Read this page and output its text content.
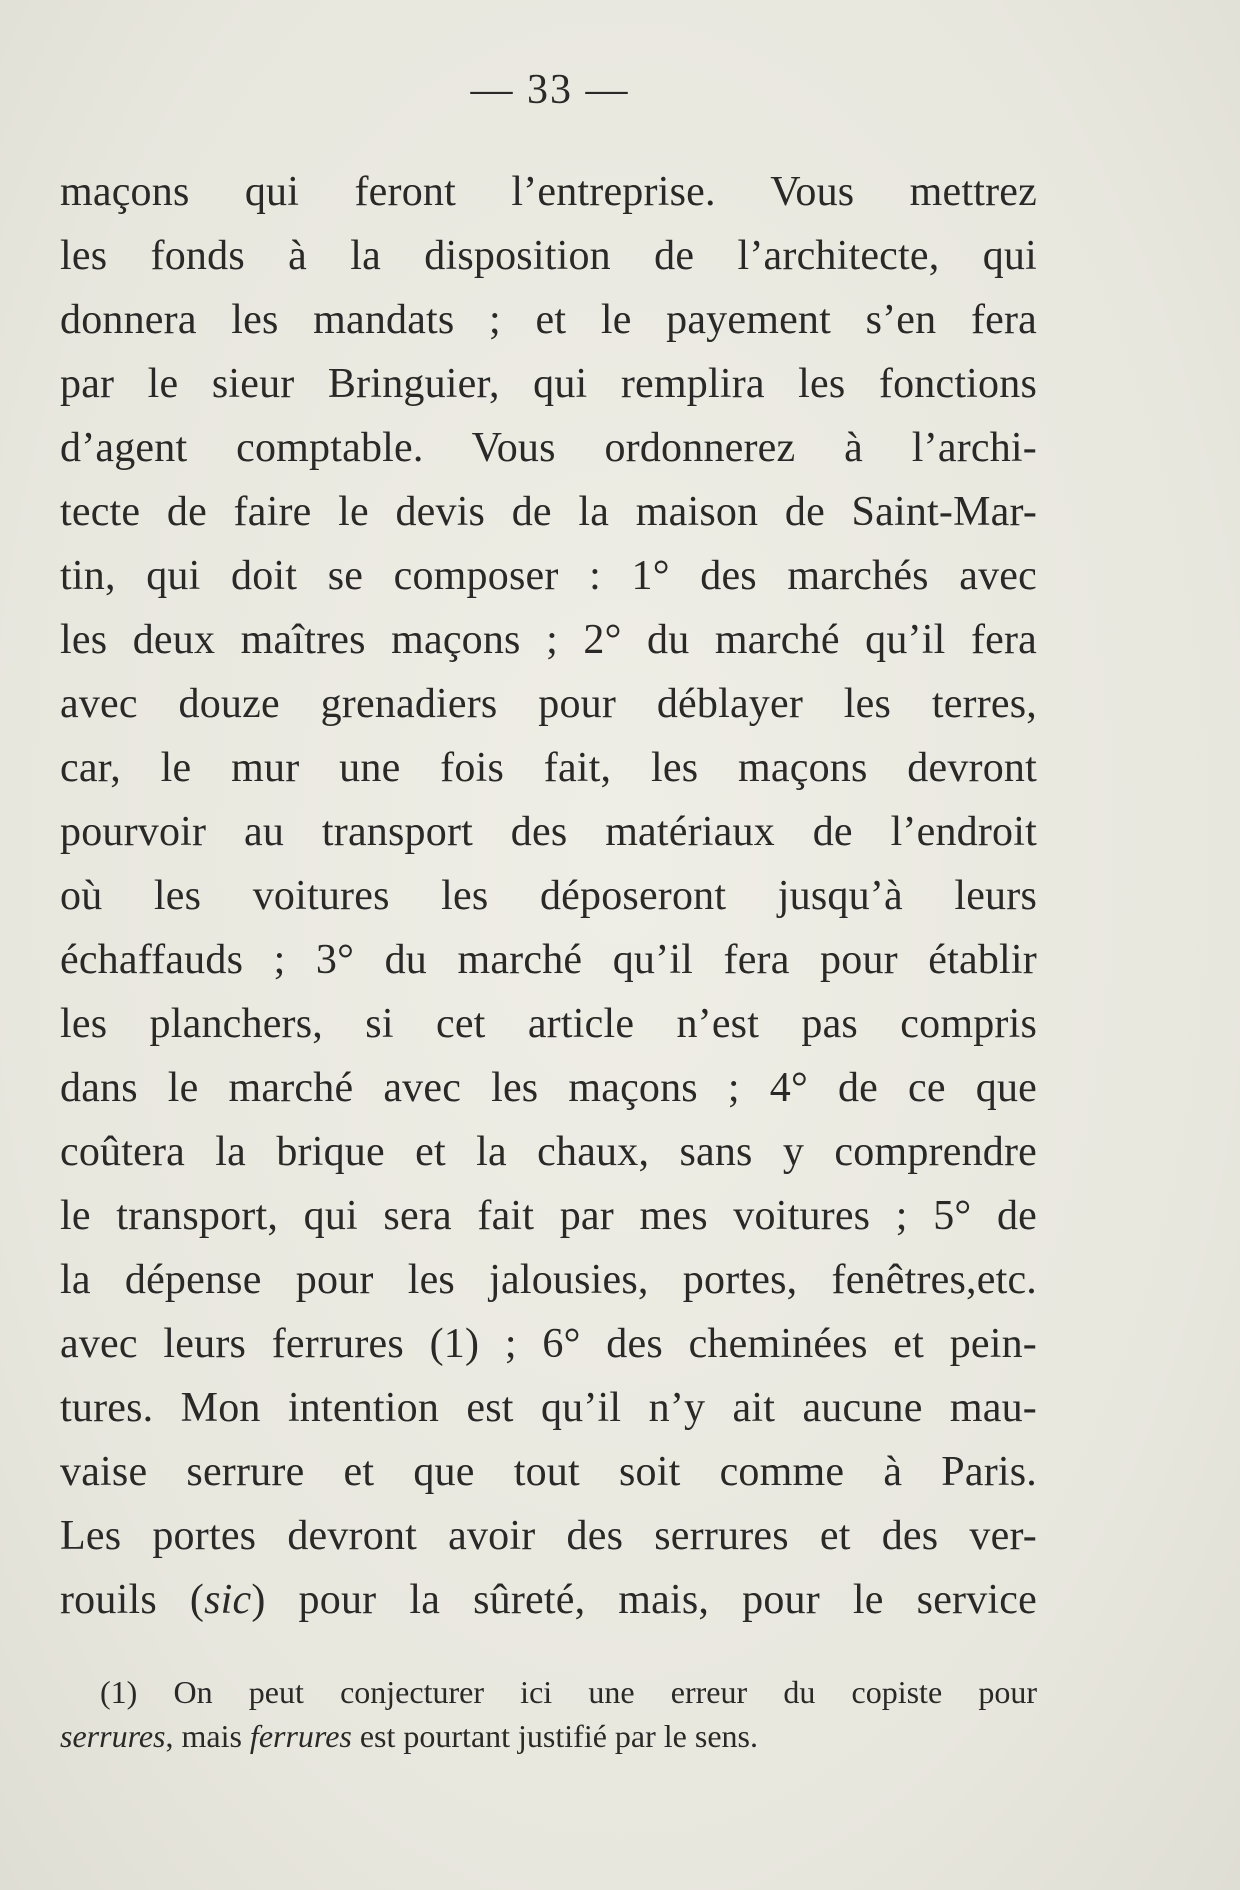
— 33 —
maçons qui feront l’entreprise. Vous mettrez
les fonds à la disposition de l’architecte, qui
donnera les mandats ; et le payement s’en fera
par le sieur Bringuier, qui remplira les fonctions
d’agent comptable. Vous ordonnerez à l’archi-
tecte de faire le devis de la maison de Saint-Mar-
tin, qui doit se composer : 1° des marchés avec
les deux maîtres maçons ; 2° du marché qu’il fera
avec douze grenadiers pour déblayer les terres,
car, le mur une fois fait, les maçons devront
pourvoir au transport des matériaux de l’endroit
où les voitures les déposeront jusqu’à leurs
échaffauds ; 3° du marché qu’il fera pour établir
les planchers, si cet article n’est pas compris
dans le marché avec les maçons ; 4° de ce que
coûtera la brique et la chaux, sans y comprendre
le transport, qui sera fait par mes voitures ; 5° de
la dépense pour les jalousies, portes, fenêtres,etc.
avec leurs ferrures (1) ; 6° des cheminées et pein-
tures. Mon intention est qu’il n’y ait aucune mau-
vaise serrure et que tout soit comme à Paris.
Les portes devront avoir des serrures et des ver-
rouils (sic) pour la sûreté, mais, pour le service
(1) On peut conjecturer ici une erreur du copiste pour
serrures, mais ferrures est pourtant justifié par le sens.
